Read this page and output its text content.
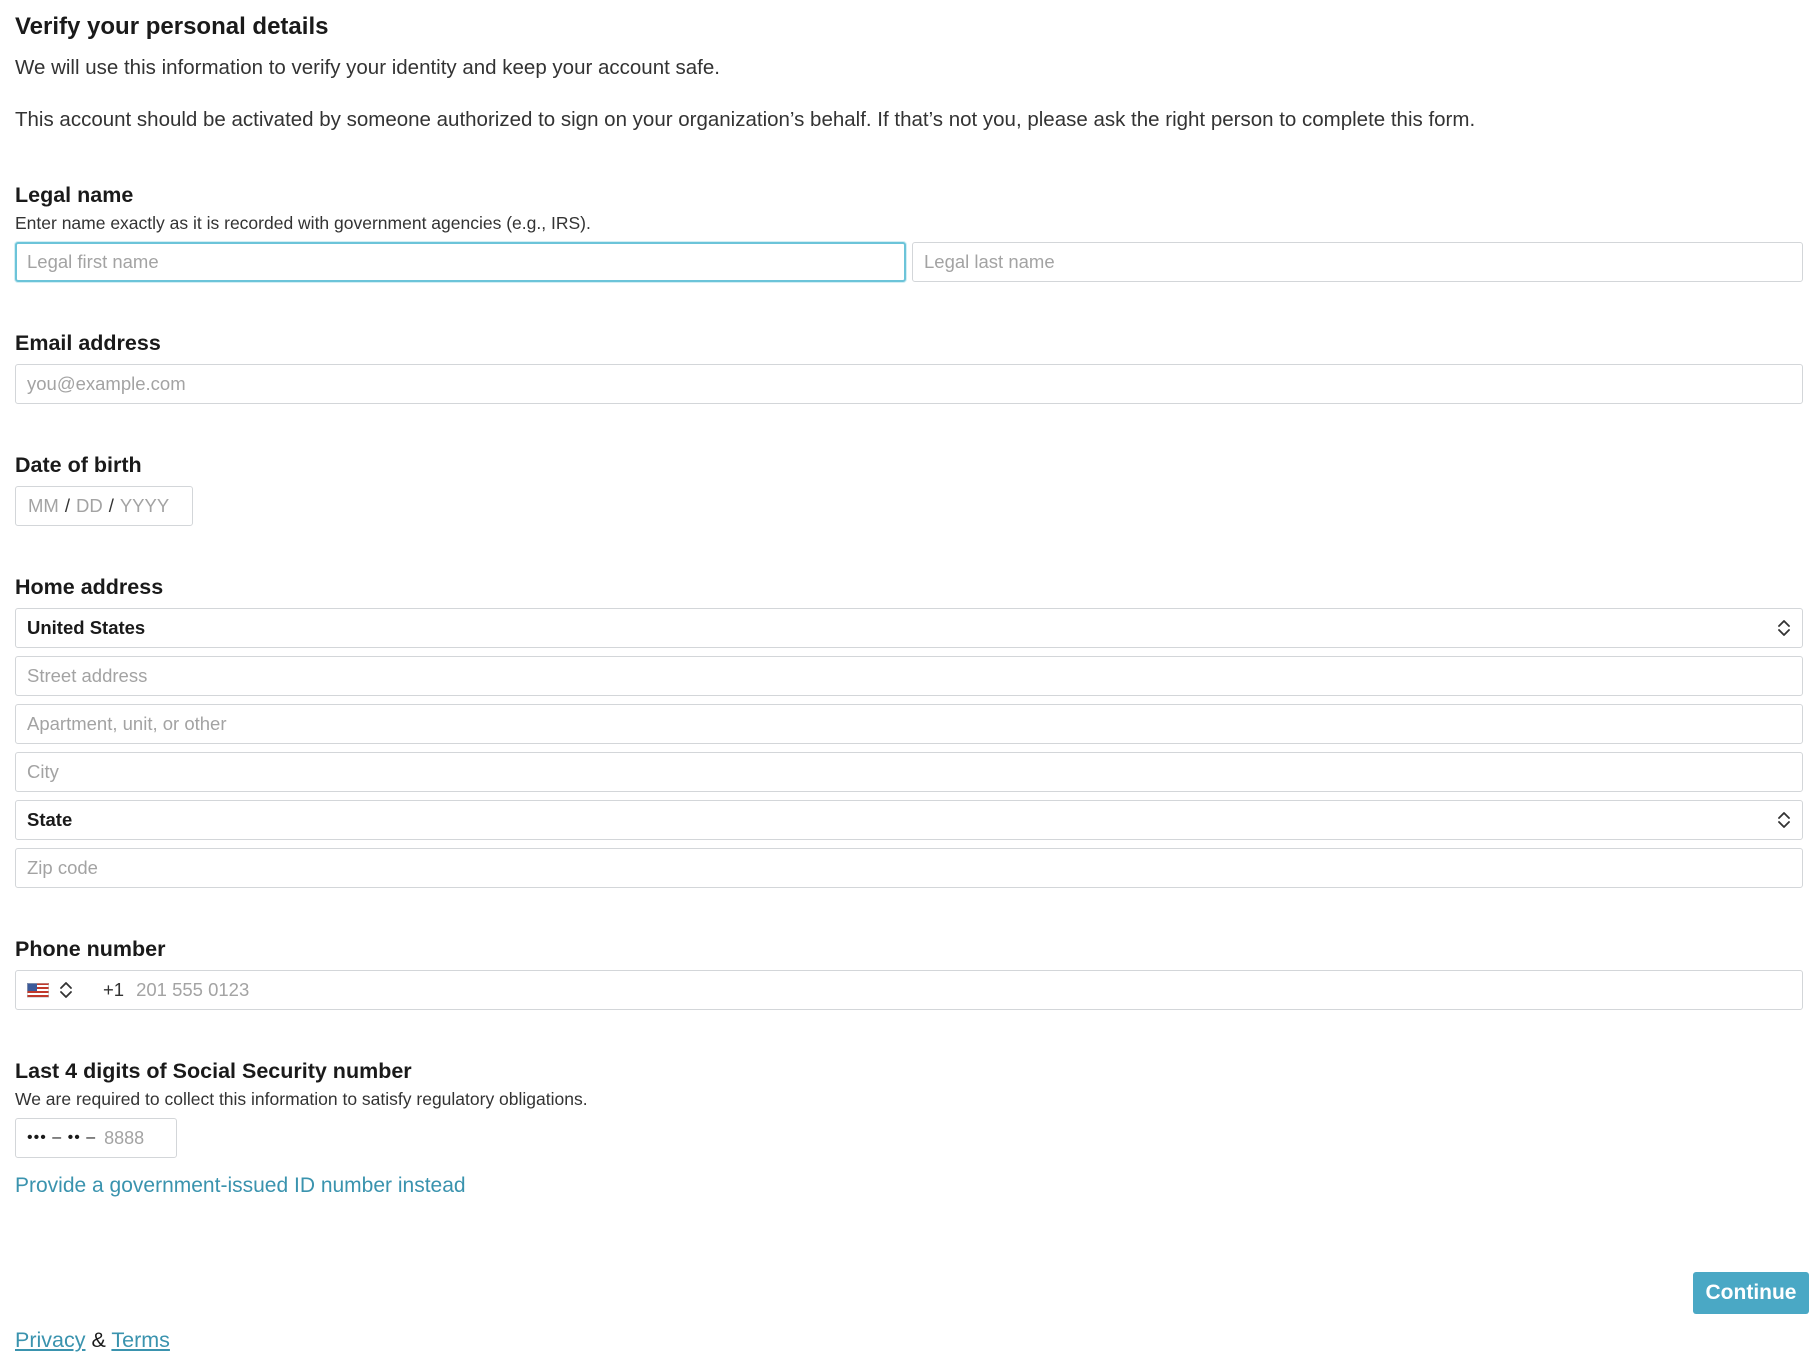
Verify your personal details
We will use this information to verify your identity and keep your account safe.
This account should be activated by someone authorized to sign on your organization’s behalf. If that’s not you, please ask the right person to complete this form.
Legal name
Enter name exactly as it is recorded with government agencies (e.g., IRS).
Legal first name
Legal last name
Email address
you@example.com
Date of birth
MM / DD / YYYY
Home address
United States
Street address
Apartment, unit, or other
City
State
Zip code
Phone number
+1 201 555 0123
Last 4 digits of Social Security number
We are required to collect this information to satisfy regulatory obligations.
••• – •• – 8888
Provide a government-issued ID number instead
Continue
Privacy & Terms
